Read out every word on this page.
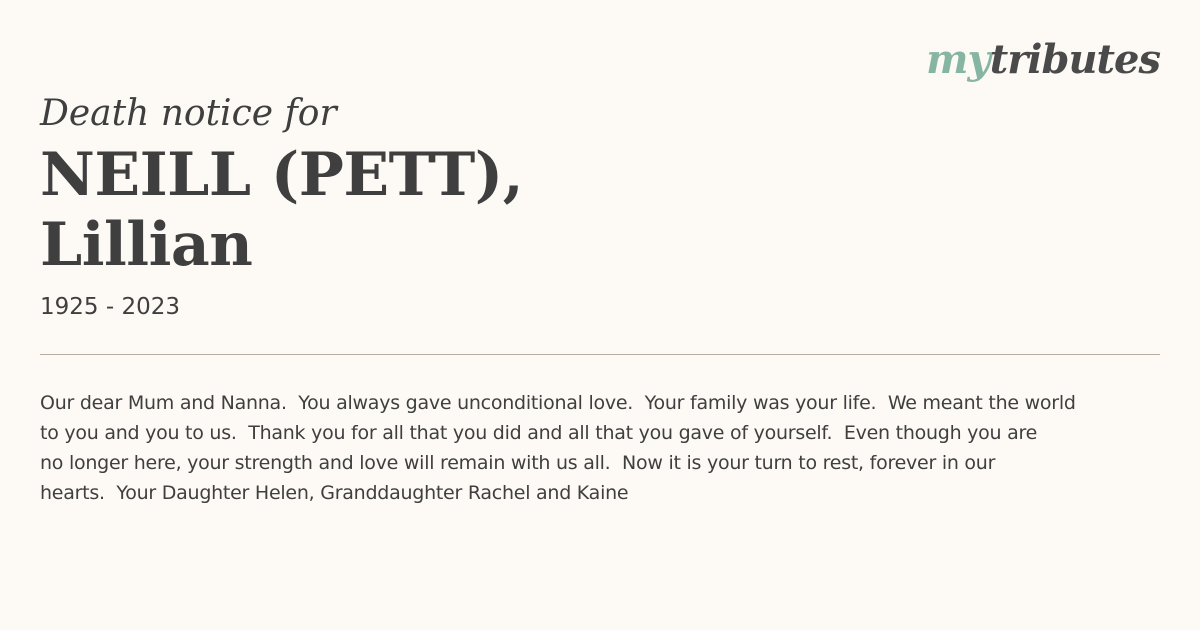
mytributes
Death notice for
NEILL (PETT),
Lillian
1925 - 2023

Our dear Mum and Nanna.  You always gave unconditional love.  Your family was your life.  We meant the world
to you and you to us.  Thank you for all that you did and all that you gave of yourself.  Even though you are
no longer here, your strength and love will remain with us all.  Now it is your turn to rest, forever in our
hearts.  Your Daughter Helen, Granddaughter Rachel and Kaine
